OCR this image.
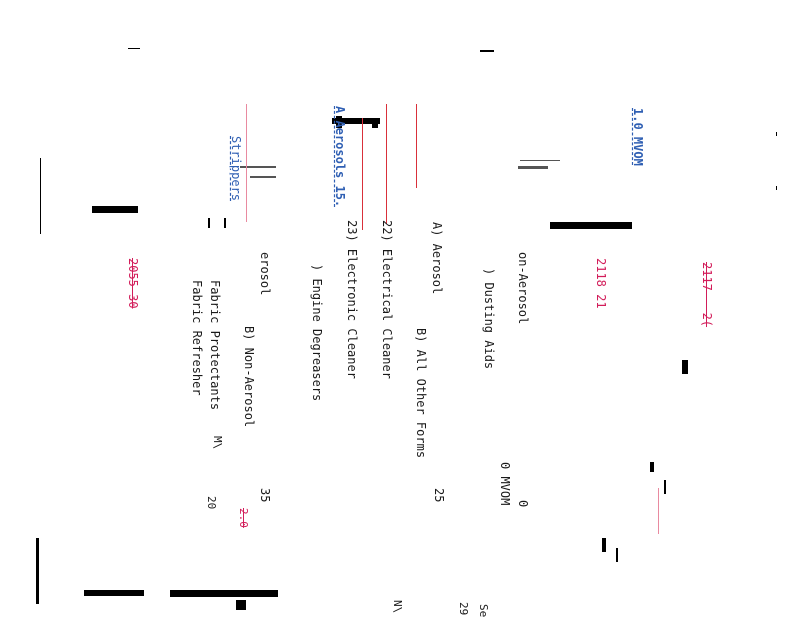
1.0 MVOM
A Aerosols 15.
Strippers
22) Electrical Cleaner
23) Electronic Cleaner	A) Aerosol
B) All Other Forms
25
on-Aerosol
) Dusting Aids
0 MVOM 0
2117-- 2(
2118 21
erosol	) Engine Degreasers
B) Non-Aerosol
35
Fabric Protectants
Fabric Refresher
2055 30
2.0
M\
20
Se
29
N\
